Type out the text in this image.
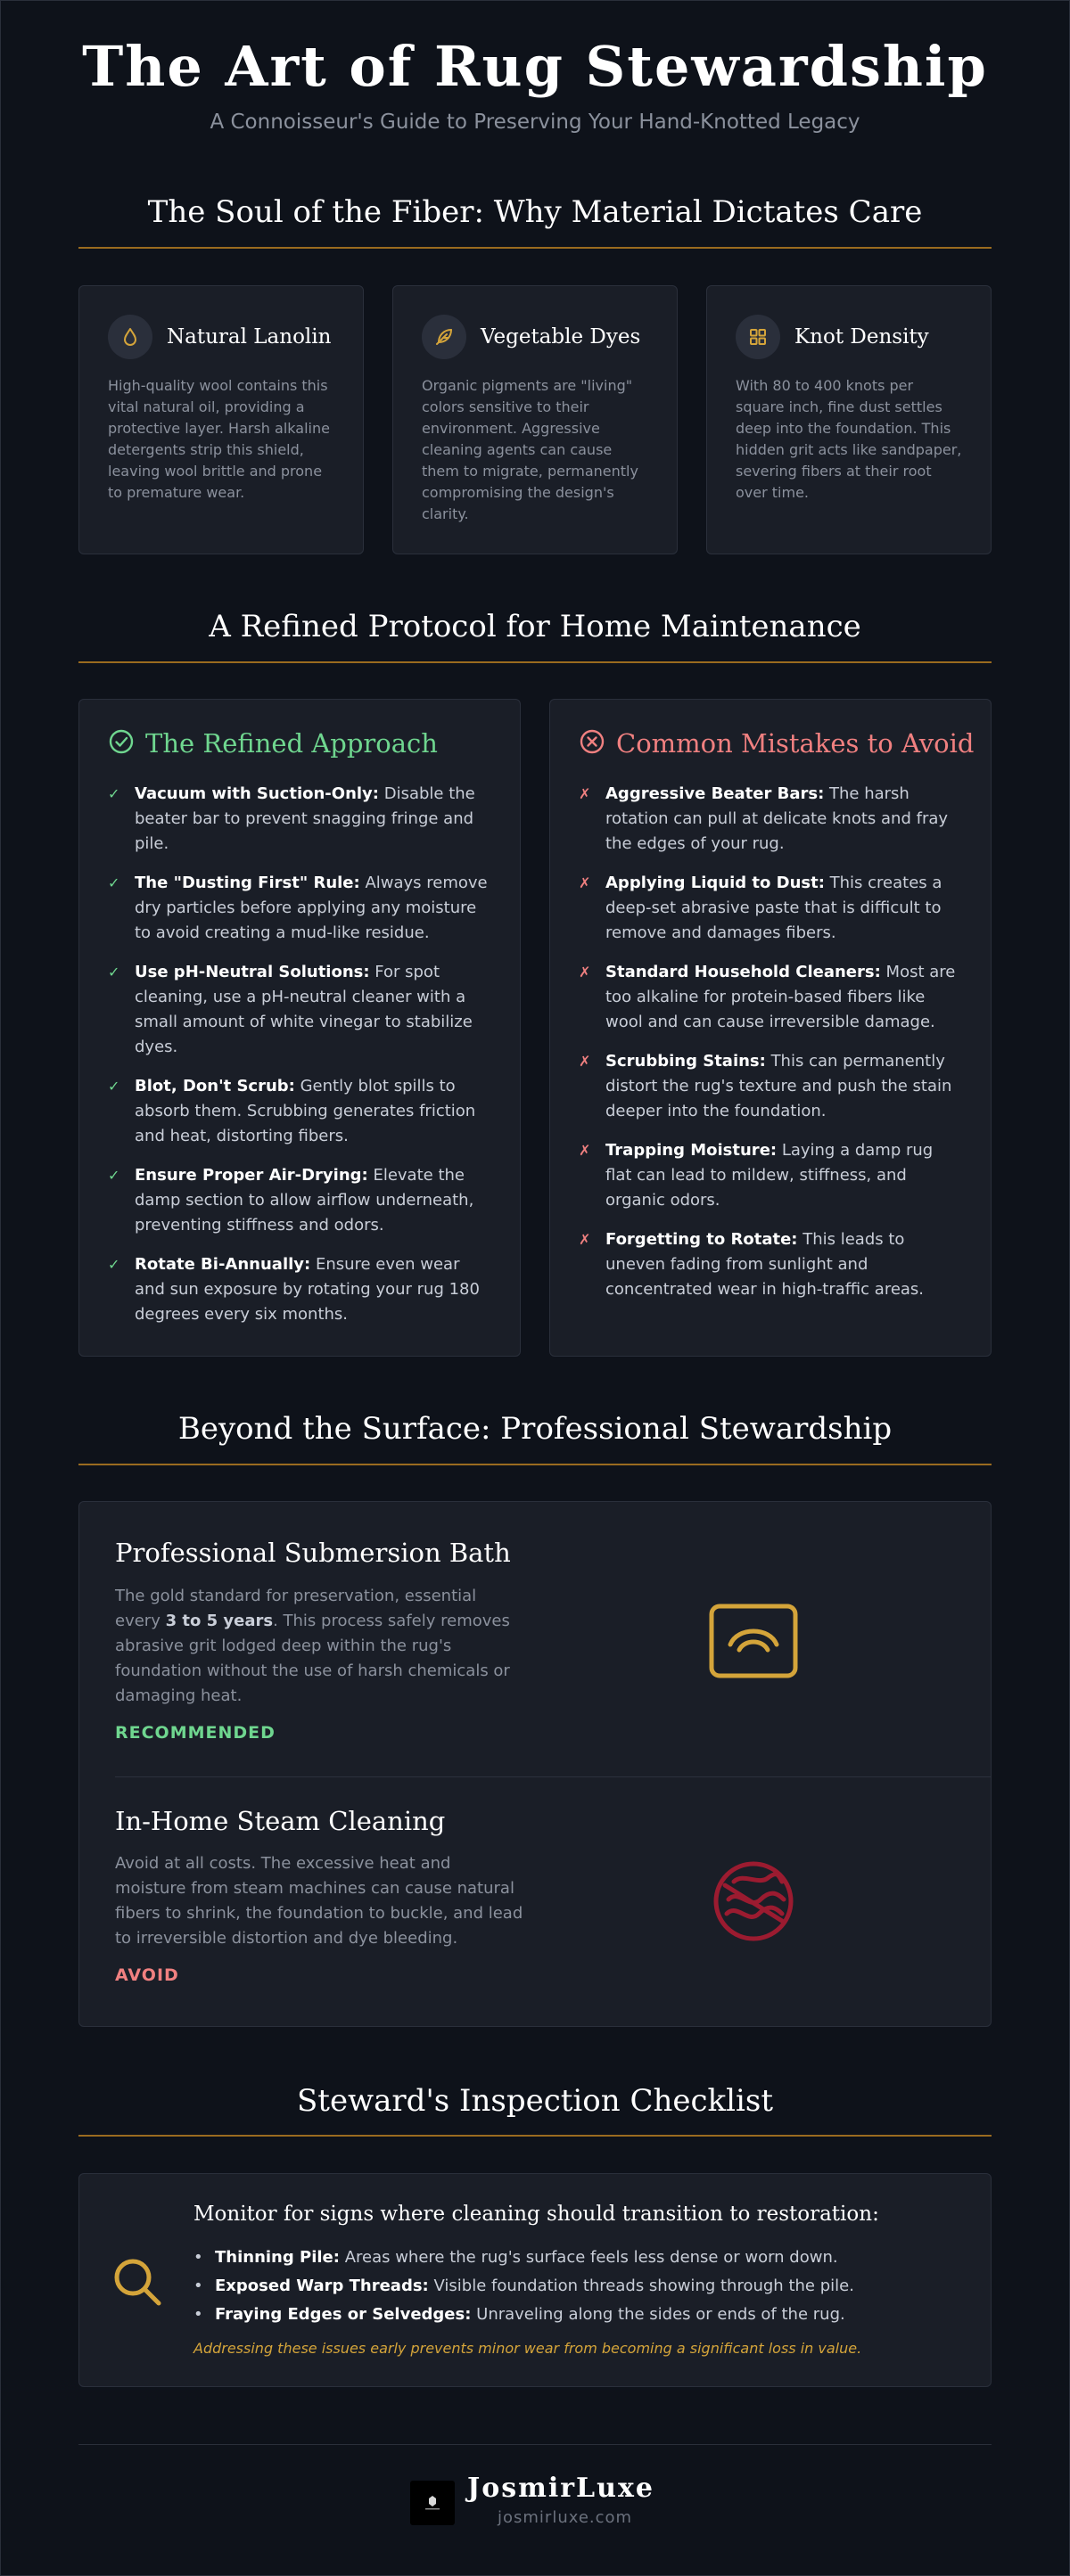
The Art of Rug Stewardship
A Connoisseur's Guide to Preserving Your Hand-Knotted Legacy
The Soul of the Fiber: Why Material Dictates Care
Natural Lanolin
High-quality wool contains this vital natural oil, providing a protective layer. Harsh alkaline detergents strip this shield, leaving wool brittle and prone to premature wear.
Vegetable Dyes
Organic pigments are "living" colors sensitive to their environment. Aggressive cleaning agents can cause them to migrate, permanently compromising the design's clarity.
Knot Density
With 80 to 400 knots per square inch, fine dust settles deep into the foundation. This hidden grit acts like sandpaper, severing fibers at their root over time.
A Refined Protocol for Home Maintenance
The Refined Approach
✓ Vacuum with Suction-Only: Disable the beater bar to prevent snagging fringe and pile.
✓ The "Dusting First" Rule: Always remove dry particles before applying any moisture to avoid creating a mud-like residue.
✓ Use pH-Neutral Solutions: For spot cleaning, use a pH-neutral cleaner with a small amount of white vinegar to stabilize dyes.
✓ Blot, Don't Scrub: Gently blot spills to absorb them. Scrubbing generates friction and heat, distorting fibers.
✓ Ensure Proper Air-Drying: Elevate the damp section to allow airflow underneath, preventing stiffness and odors.
✓ Rotate Bi-Annually: Ensure even wear and sun exposure by rotating your rug 180 degrees every six months.
Common Mistakes to Avoid
✗ Aggressive Beater Bars: The harsh rotation can pull at delicate knots and fray the edges of your rug.
✗ Applying Liquid to Dust: This creates a deep-set abrasive paste that is difficult to remove and damages fibers.
✗ Standard Household Cleaners: Most are too alkaline for protein-based fibers like wool and can cause irreversible damage.
✗ Scrubbing Stains: This can permanently distort the rug's texture and push the stain deeper into the foundation.
✗ Trapping Moisture: Laying a damp rug flat can lead to mildew, stiffness, and organic odors.
✗ Forgetting to Rotate: This leads to uneven fading from sunlight and concentrated wear in high-traffic areas.
Beyond the Surface: Professional Stewardship
Professional Submersion Bath
The gold standard for preservation, essential every 3 to 5 years. This process safely removes abrasive grit lodged deep within the rug's foundation without the use of harsh chemicals or damaging heat.
RECOMMENDED
In-Home Steam Cleaning
Avoid at all costs. The excessive heat and moisture from steam machines can cause natural fibers to shrink, the foundation to buckle, and lead to irreversible distortion and dye bleeding.
AVOID
Steward's Inspection Checklist
Monitor for signs where cleaning should transition to restoration:
• Thinning Pile: Areas where the rug's surface feels less dense or worn down.
• Exposed Warp Threads: Visible foundation threads showing through the pile.
• Fraying Edges or Selvedges: Unraveling along the sides or ends of the rug.
Addressing these issues early prevents minor wear from becoming a significant loss in value.
JosmirLuxe
josmirluxe.com
